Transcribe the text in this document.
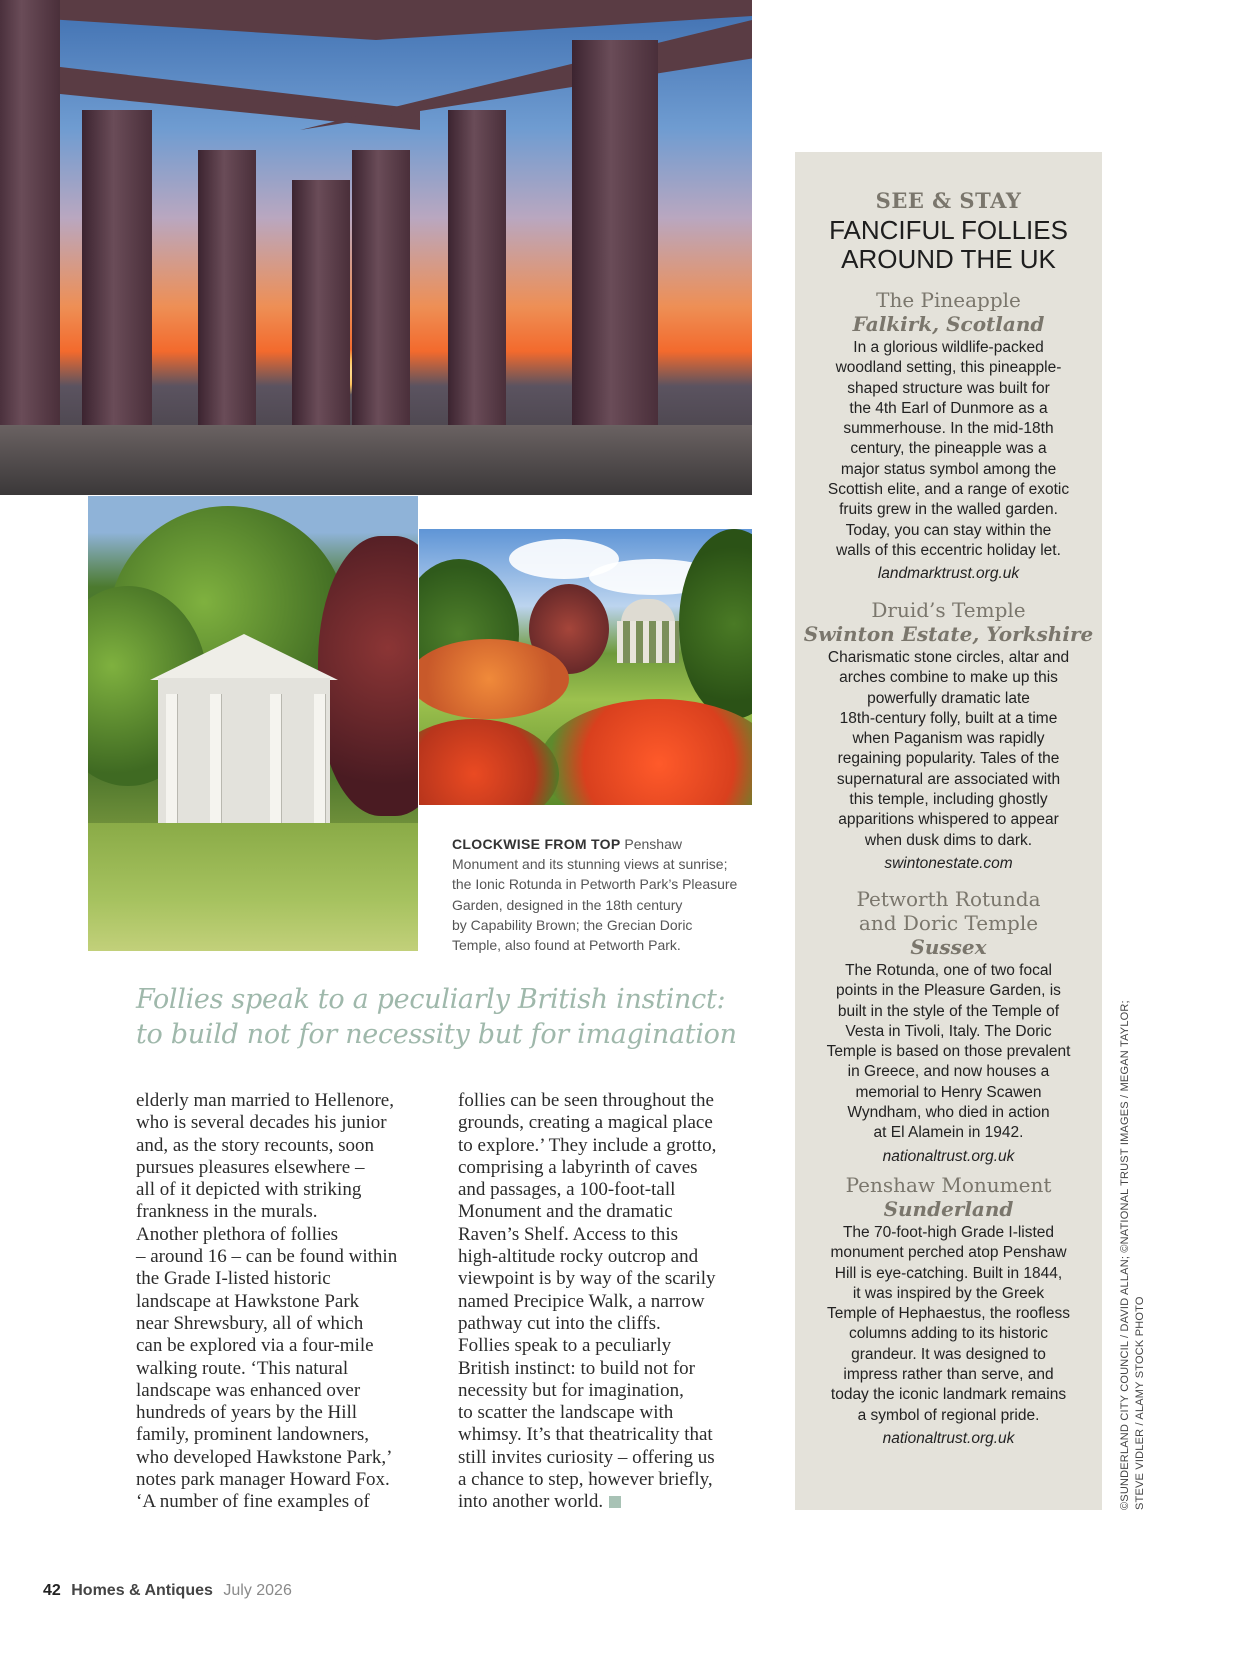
CLOCKWISE FROM TOP Penshaw
Monument and its stunning views at sunrise;
the Ionic Rotunda in Petworth Park’s Pleasure
Garden, designed in the 18th century
by Capability Brown; the Grecian Doric
Temple, also found at Petworth Park.
Follies speak to a peculiarly British instinct:
to build not for necessity but for imagination
elderly man married to Hellenore,
who is several decades his junior
and, as the story recounts, soon
pursues pleasures elsewhere –
all of it depicted with striking
frankness in the murals.
Another plethora of follies
– around 16 – can be found within
the Grade I-listed historic
landscape at Hawkstone Park
near Shrewsbury, all of which
can be explored via a four-mile
walking route. ‘This natural
landscape was enhanced over
hundreds of years by the Hill
family, prominent landowners,
who developed Hawkstone Park,’
notes park manager Howard Fox.
‘A number of fine examples of
follies can be seen throughout the
grounds, creating a magical place
to explore.’ They include a grotto,
comprising a labyrinth of caves
and passages, a 100-foot-tall
Monument and the dramatic
Raven’s Shelf. Access to this
high-altitude rocky outcrop and
viewpoint is by way of the scarily
named Precipice Walk, a narrow
pathway cut into the cliffs.
Follies speak to a peculiarly
British instinct: to build not for
necessity but for imagination,
to scatter the landscape with
whimsy. It’s that theatricality that
still invites curiosity – offering us
a chance to step, however briefly,
into another world.
SEE & STAY
FANCIFUL FOLLIES
AROUND THE UK
The Pineapple
Falkirk, Scotland
In a glorious wildlife-packed
woodland setting, this pineapple-
shaped structure was built for
the 4th Earl of Dunmore as a
summerhouse. In the mid-18th
century, the pineapple was a
major status symbol among the
Scottish elite, and a range of exotic
fruits grew in the walled garden.
Today, you can stay within the
walls of this eccentric holiday let.
landmarktrust.org.uk
Druid’s Temple
Swinton Estate, Yorkshire
Charismatic stone circles, altar and
arches combine to make up this
powerfully dramatic late
18th-century folly, built at a time
when Paganism was rapidly
regaining popularity. Tales of the
supernatural are associated with
this temple, including ghostly
apparitions whispered to appear
when dusk dims to dark.
swintonestate.com
Petworth Rotunda
and Doric Temple
Sussex
The Rotunda, one of two focal
points in the Pleasure Garden, is
built in the style of the Temple of
Vesta in Tivoli, Italy. The Doric
Temple is based on those prevalent
in Greece, and now houses a
memorial to Henry Scawen
Wyndham, who died in action
at El Alamein in 1942.
nationaltrust.org.uk
Penshaw Monument
Sunderland
The 70-foot-high Grade I-listed
monument perched atop Penshaw
Hill is eye-catching. Built in 1844,
it was inspired by the Greek
Temple of Hephaestus, the roofless
columns adding to its historic
grandeur. It was designed to
impress rather than serve, and
today the iconic landmark remains
a symbol of regional pride.
nationaltrust.org.uk	©SUNDERLAND CITY COUNCIL / DAVID ALLAN; ©NATIONAL TRUST IMAGES / MEGAN TAYLOR; STEVE VIDLER / ALAMY STOCK PHOTO
42 Homes & Antiques July 2026
